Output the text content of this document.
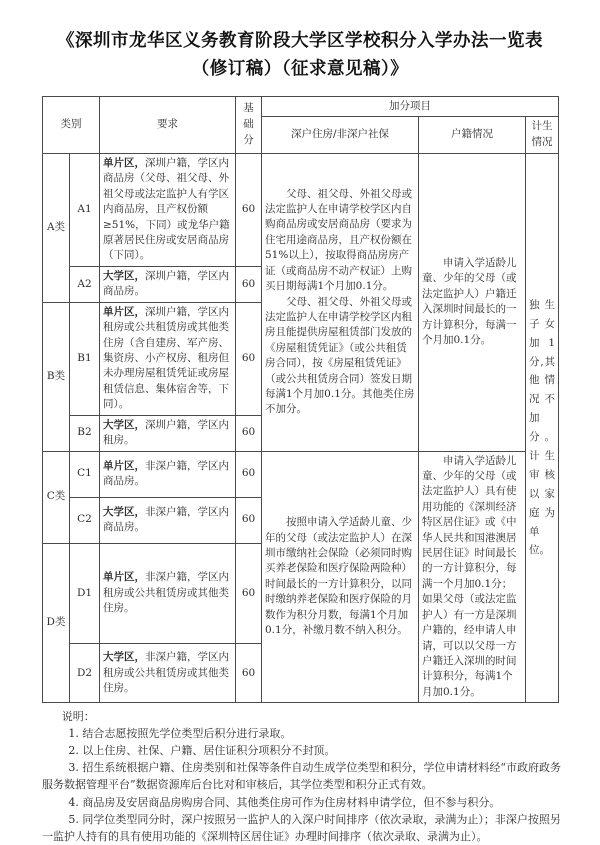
《深圳市龙华区义务教育阶段大学区学校积分入学办法一览表（修订稿）（征求意见稿）》
类别		要求	基础分	加分项目		
				深户住房/非深户社保	户籍情况	计生情况
A类	A1	单片区，深圳户籍，学区内商品房（父母、祖父母、外祖父母或法定监护人有学区内商品房，且产权份额≥51%，下同）或龙华户籍原著居民住房或安居商品房（下同）。	60	父母、祖父母、外祖父母或法定监护人在申请学校学区内自购商品房或安居商品房（要求为住宅用途商品房，且产权份额在51%以上），按取得商品房房产证（或商品房不动产权证）上购买日期每满1个月加0.1分。

父母、祖父母、外祖父母或法定监护人在申请学校学区内租房且能提供房屋租赁部门发放的《房屋租赁凭证》（或公共租赁房合同），按《房屋租赁凭证》（或公共租赁房合同）签发日期每满1个月加0.1分。其他类住房不加分。	申请入学适龄儿童、少年的父母（或法定监护人）户籍迁入深圳时间最长的一方计算积分，每满一个月加0.1分。	独生子女加1分,其他情况不加分。计生审核以家庭为单位。
	A2	大学区，深圳户籍，学区内商品房。	60			
B类	B1	单片区，深圳户籍，学区内租房或公共租赁房或其他类住房（含自建房、军产房、集资房、小产权房、租房但未办理房屋租赁凭证或房屋租赁信息、集体宿舍等，下同）。	60			
	B2	大学区，深圳户籍，学区内租房。	60			
C类	C1	单片区，非深户籍，学区内商品房。	60	按照申请入学适龄儿童、少年的父母（或法定监护人）在深圳市缴纳社会保险（必须同时购买养老保险和医疗保险两险种）时间最长的一方计算积分，以同时缴纳养老保险和医疗保险的月数作为积分月数，每满1个月加0.1分，补缴月数不纳入积分。	申请入学适龄儿童、少年的父母（或法定监护人）具有使用功能的《深圳经济特区居住证》或《中华人民共和国港澳居民居住证》时间最长的一方计算积分，每满一个月加0.1分；如果父母（或法定监护人）有一方是深圳户籍的，经申请人申请，可以以父母一方户籍迁入深圳的时间计算积分，每满1个月加0.1分。	

	C2	大学区，非深户籍，学区内商品房。	60			
D类	D1	单片区，非深户籍，学区内租房或公共租赁房或其他类住房。	60			
	D2	大学区，非深户籍，学区内租房或公共租赁房或其他类住房。	60			

说明：

1. 结合志愿按照先学位类型后积分进行录取。

2. 以上住房、社保、户籍、居住证积分项积分不封顶。

3. 招生系统根据户籍、住房类别和社保等条件自动生成学位类型和积分，学位申请材料经“市政府政务服务数据管理平台”数据资源库后台比对和审核后，其学位类型和积分正式有效。

4. 商品房及安居商品房购房合同、其他类住房可作为住房材料申请学位，但不参与积分。

5. 同学位类型同分时，深户按照另一监护人的入深户时间排序（依次录取，录满为止）；非深户按照另一监护人持有的具有使用功能的《深圳特区居住证》办理时间排序（依次录取、录满为止）。
